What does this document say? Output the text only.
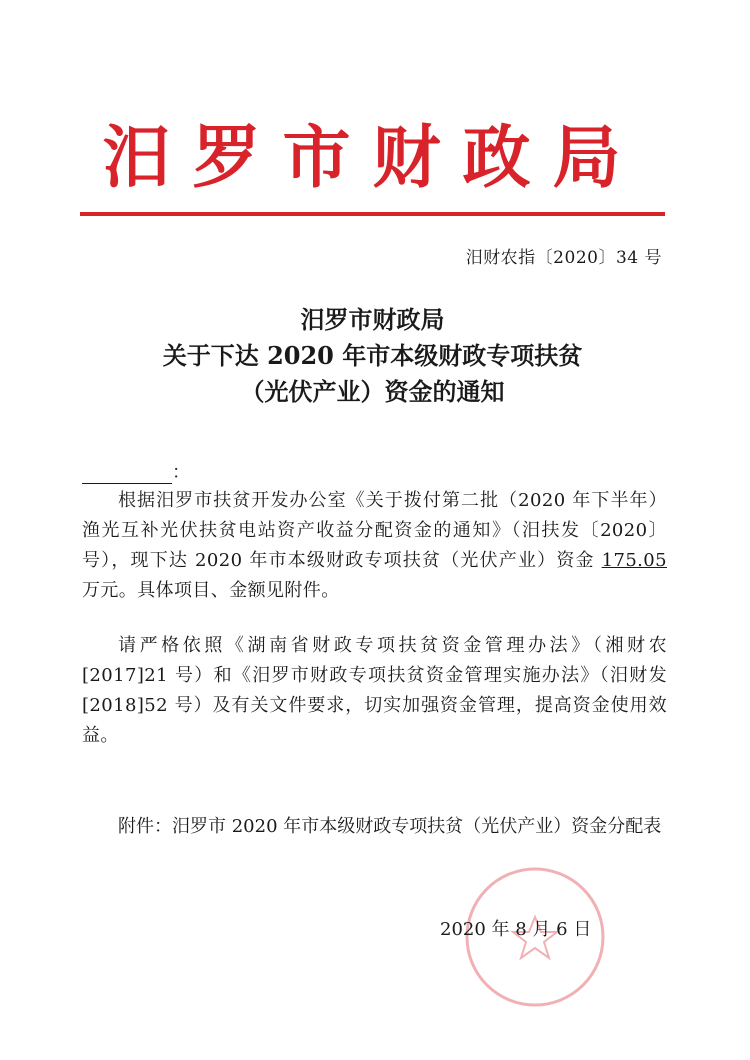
汨罗市财政局
汨财农指〔2020〕34 号
汨罗市财政局
关于下达 2020 年市本级财政专项扶贫
（光伏产业）资金的通知
：

根据汨罗市扶贫开发办公室《关于拨付第二批（2020 年下半年）渔光互补光伏扶贫电站资产收益分配资金的通知》（汨扶发〔2020〕号），现下达 2020 年市本级财政专项扶贫（光伏产业）资金 175.05 万元。具体项目、金额见附件。

请严格依照《湖南省财政专项扶贫资金管理办法》（湘财农[2017]21 号）和《汨罗市财政专项扶贫资金管理实施办法》（汨财发[2018]52 号）及有关文件要求，切实加强资金管理，提高资金使用效益。

附件：汨罗市 2020 年市本级财政专项扶贫（光伏产业）资金分配表

2020 年 8 月 6 日
